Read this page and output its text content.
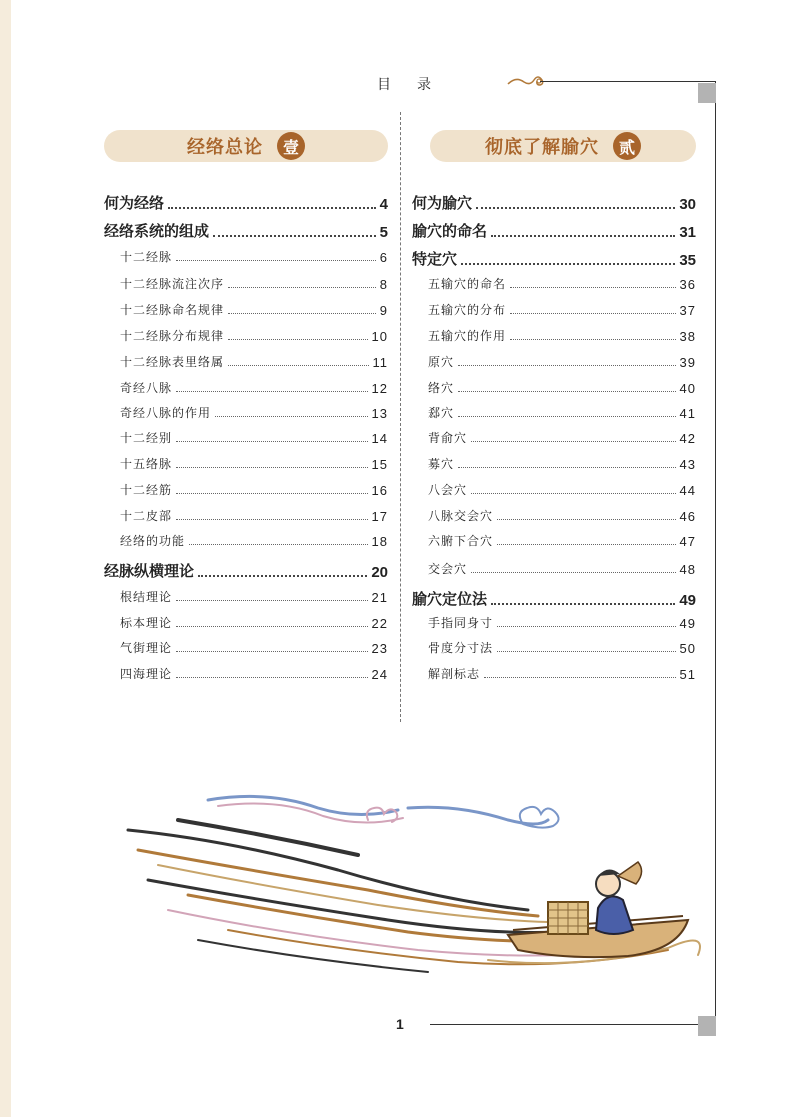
目 录
经络总论	壹	彻底了解腧穴	贰
何为经络	4
经络系统的组成	5
十二经脉	6
十二经脉流注次序	8
十二经脉命名规律	9
十二经脉分布规律	10
十二经脉表里络属	11
奇经八脉	12
奇经八脉的作用	13
十二经别	14
十五络脉	15
十二经筋	16
十二皮部	17
经络的功能	18
经脉纵横理论	20
根结理论	21
标本理论	22
气街理论	23
四海理论	24
何为腧穴	30
腧穴的命名	31
特定穴	35
五输穴的命名	36
五输穴的分布	37
五输穴的作用	38
原穴	39
络穴	40
郄穴	41
背俞穴	42
募穴	43
八会穴	44
八脉交会穴	46
六腑下合穴	47
交会穴	48
腧穴定位法	49
手指同身寸	49
骨度分寸法	50
解剖标志	51
1
